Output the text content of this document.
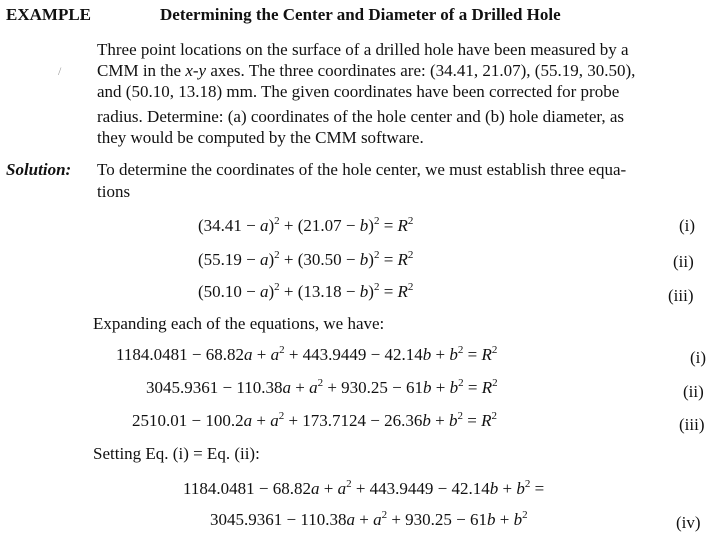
EXAMPLE	Determining the Center and Diameter of a Drilled Hole
/
Three point locations on the surface of a drilled hole have been measured by a
CMM in the x-y axes. The three coordinates are: (34.41, 21.07), (55.19, 30.50),
and (50.10, 13.18) mm. The given coordinates have been corrected for probe
radius. Determine: (a) coordinates of the hole center and (b) hole diameter, as
they would be computed by the CMM software.
Solution: To determine the coordinates of the hole center, we must establish three equa-
tions
$(34.41 - a)^2 + (21.07 - b)^2 = R^2$	(i)
$(55.19 - a)^2 + (30.50 - b)^2 = R^2$	(ii)
$(50.10 - a)^2 + (13.18 - b)^2 = R^2$	(iii)
Expanding each of the equations, we have:
$1184.0481 - 68.82a + a^2 + 443.9449 - 42.14b + b^2 = R^2$	(i)
$3045.9361 - 110.38a + a^2 + 930.25 - 61b + b^2 = R^2$	(ii)
$2510.01 - 100.2a + a^2 + 173.7124 - 26.36b + b^2 = R^2$	(iii)
Setting Eq. (i) = Eq. (ii):
$1184.0481 - 68.82a + a^2 + 443.9449 - 42.14b + b^2$ =
$3045.9361 - 110.38a + a^2 + 930.25 - 61b + b^2$	(iv)
